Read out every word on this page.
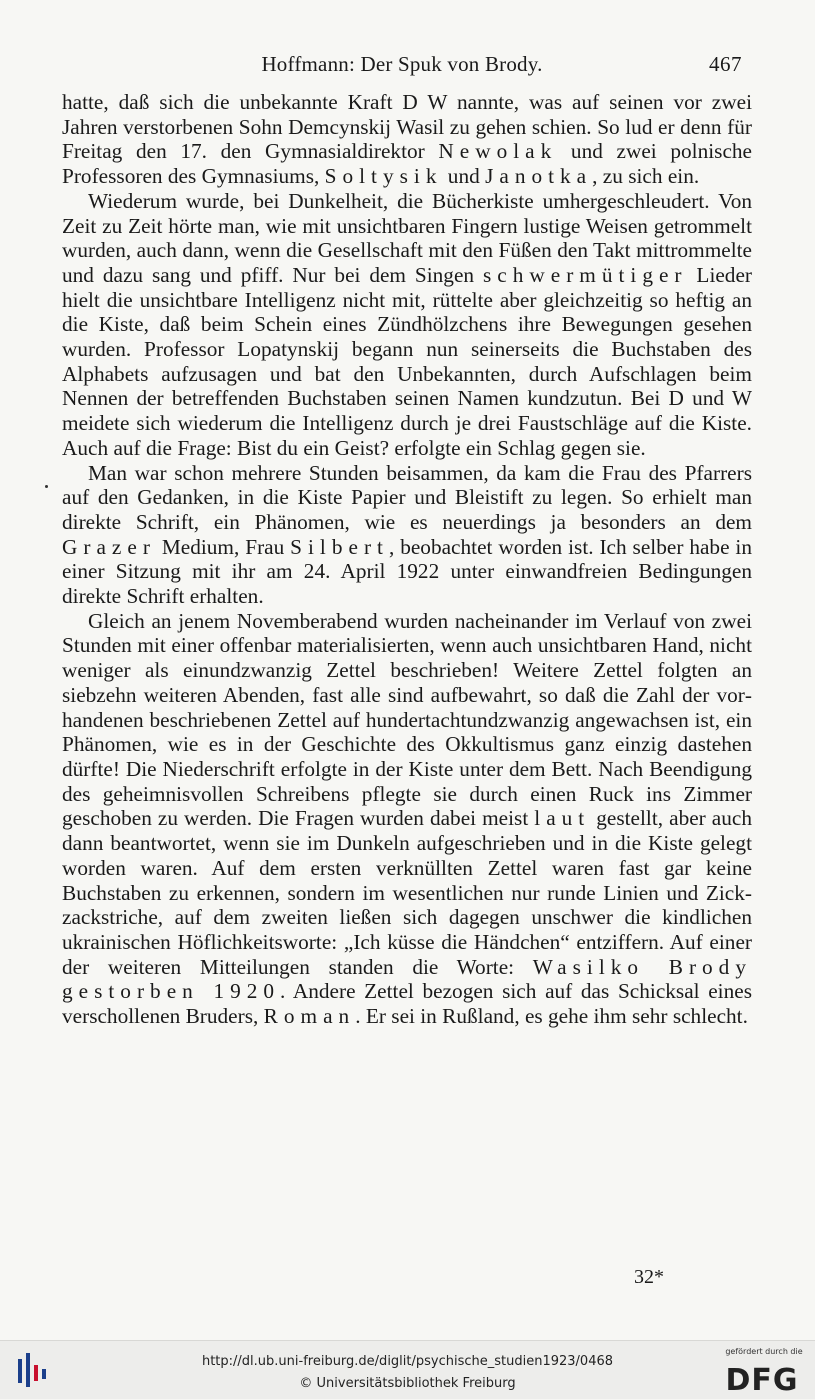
Hoffmann: Der Spuk von Brody.	467

hatte, daß sich die unbekannte Kraft D W nannte, was auf seinen vor zwei Jahren verstorbenen Sohn Demcynskij Wasil zu gehen schien. So lud er denn für Freitag den 17. den Gymnasialdirektor Newolak und zwei polnische Professoren des Gymnasiums, Soltysik und Janotka, zu sich ein.

Wiederum wurde, bei Dunkelheit, die Bücherkiste umhergeschleudert. Von Zeit zu Zeit hörte man, wie mit unsichtbaren Fingern lustige Weisen getrommelt wurden, auch dann, wenn die Gesellschaft mit den Füßen den Takt mittrommelte und dazu sang und pfiff. Nur bei dem Singen schwermütiger Lieder hielt die unsichtbare Intelligenz nicht mit, rüttelte aber gleichzeitig so heftig an die Kiste, daß beim Schein eines Zündhölzchens ihre Bewegungen gesehen wurden. Professor Lopatynskij begann nun seinerseits die Buchstaben des Alphabets aufzusagen und bat den Unbekannten, durch Aufschlagen beim Nennen der betreffenden Buchstaben seinen Namen kundzutun. Bei D und W meidete sich wiederum die Intelligenz durch je drei Faustschläge auf die Kiste. Auch auf die Frage: Bist du ein Geist? erfolgte ein Schlag gegen sie.

Man war schon mehrere Stunden beisammen, da kam die Frau des Pfarrers auf den Gedanken, in die Kiste Papier und Bleistift zu legen. So erhielt man direkte Schrift, ein Phänomen, wie es neuerdings ja besonders an dem Grazer Medium, Frau Silbert, beobachtet worden ist. Ich selber habe in einer Sitzung mit ihr am 24. April 1922 unter einwandfreien Bedingungen direkte Schrift erhalten.

Gleich an jenem Novemberabend wurden nacheinander im Verlauf von zwei Stunden mit einer offenbar materialisierten, wenn auch unsichtbaren Hand, nicht weniger als einundzwanzig Zettel beschrieben! Weitere Zettel folgten an siebzehn weiteren Abenden, fast alle sind aufbewahrt, so daß die Zahl der vorhandenen beschriebenen Zettel auf hundertachtundzwanzig angewachsen ist, ein Phänomen, wie es in der Geschichte des Okkultismus ganz einzig dastehen dürfte! Die Niederschrift erfolgte in der Kiste unter dem Bett. Nach Beendigung des geheimnisvollen Schreibens pflegte sie durch einen Ruck ins Zimmer geschoben zu werden. Die Fragen wurden dabei meist laut gestellt, aber auch dann beantwortet, wenn sie im Dunkeln aufgeschrieben und in die Kiste gelegt worden waren. Auf dem ersten verknüllten Zettel waren fast gar keine Buchstaben zu erkennen, sondern im wesentlichen nur runde Linien und Zickzackstriche, auf dem zweiten ließen sich dagegen unschwer die kindlichen ukrainischen Höflichkeitsworte: „Ich küsse die Händchen“ entziffern. Auf einer der weiteren Mitteilungen standen die Worte: Wasilko Brody gestorben 1920. Andere Zettel bezogen sich auf das Schicksal eines verschollenen Bruders, Roman. Er sei in Rußland, es gehe ihm sehr schlecht.

32*
http://dl.ub.uni-freiburg.de/diglit/psychische_studien1923/0468
© Universitätsbibliothek Freiburg
gefördert durch die
DFG
